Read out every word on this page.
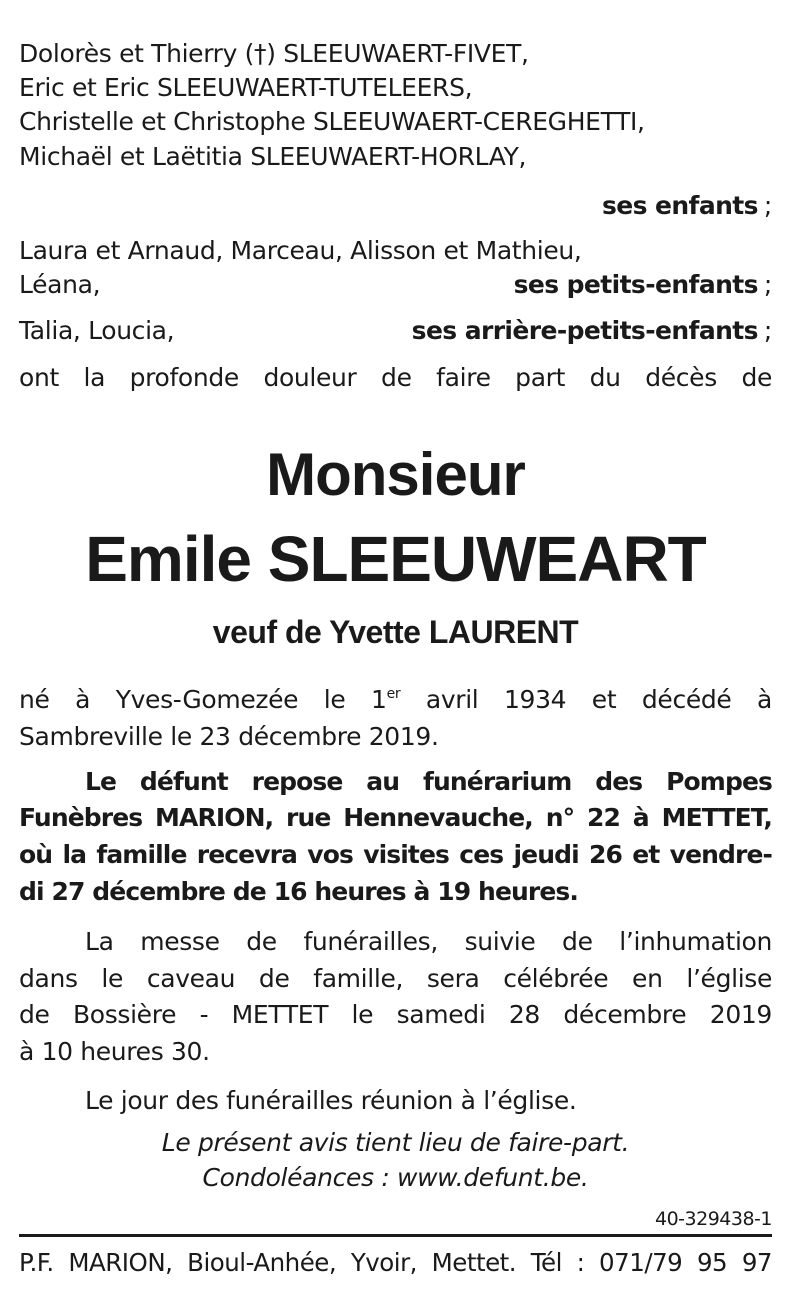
Dolorès et Thierry (†) SLEEUWAERT-FIVET,
Eric et Eric SLEEUWAERT-TUTELEERS,
Christelle et Christophe SLEEUWAERT-CEREGHETTI,
Michaël et Laëtitia SLEEUWAERT-HORLAY,
ses enfants ;
Laura et Arnaud, Marceau, Alisson et Mathieu,
Léana,	ses petits-enfants ;
Talia, Loucia,	ses arrière-petits-enfants ;
ont la profonde douleur de faire part du décès de
Monsieur
Emile SLEEUWEART
veuf de Yvette LAURENT
né à Yves-Gomezée le 1er avril 1934 et décédé à
Sambreville le 23 décembre 2019.
Le défunt repose au funérarium des Pompes
Funèbres MARION, rue Hennevauche, n° 22 à METTET,
où la famille recevra vos visites ces jeudi 26 et vendre-
di 27 décembre de 16 heures à 19 heures.
La messe de funérailles, suivie de l’inhumation
dans le caveau de famille, sera célébrée en l’église
de Bossière - METTET le samedi 28 décembre 2019
à 10 heures 30.
Le jour des funérailles réunion à l’église.
Le présent avis tient lieu de faire-part.
Condoléances : www.defunt.be.
40-329438-1
P.F. MARION, Bioul-Anhée, Yvoir, Mettet. Tél : 071/79 95 97
